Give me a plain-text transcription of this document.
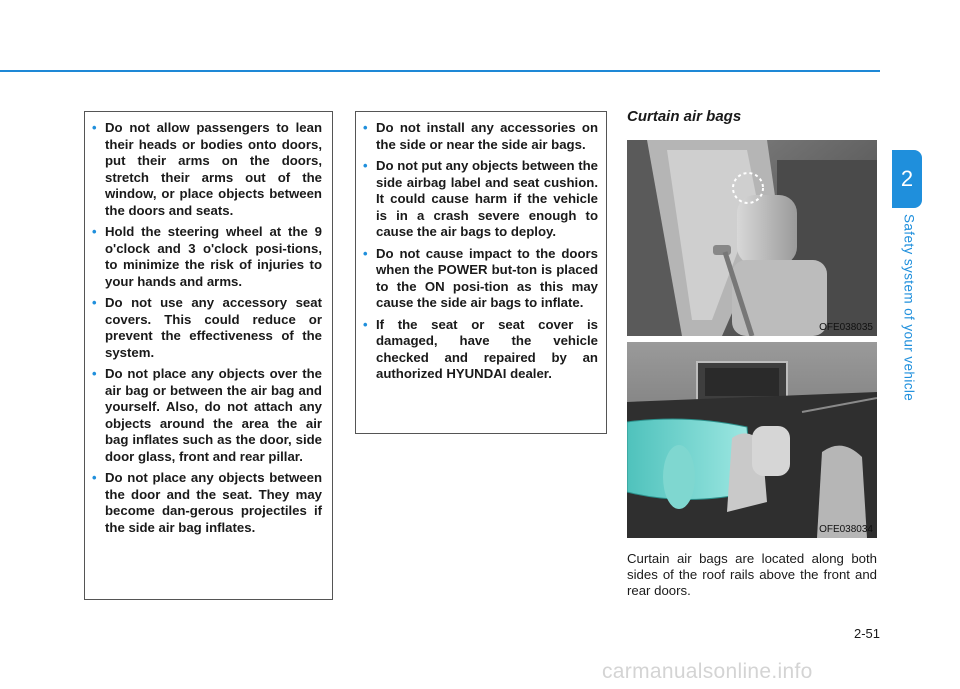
2
Safety system of your vehicle
• Do not allow passengers to lean their heads or bodies onto doors, put their arms on the doors, stretch their arms out of the window, or place objects between the doors and seats.
• Hold the steering wheel at the 9 o'clock and 3 o'clock posi-tions, to minimize the risk of injuries to your hands and arms.
• Do not use any accessory seat covers. This could reduce or prevent the effectiveness of the system.
• Do not place any objects over the air bag or between the air bag and yourself. Also, do not attach any objects around the area the air bag inflates such as the door, side door glass, front and rear pillar.
• Do not place any objects between the door and the seat. They may become dan-gerous projectiles if the side air bag inflates.
• Do not install any accessories on the side or near the side air bags.
• Do not put any objects between the side airbag label and seat cushion. It could cause harm if the vehicle is in a crash severe enough to cause the air bags to deploy.
• Do not cause impact to the doors when the POWER but-ton is placed to the ON posi-tion as this may cause the side air bags to inflate.
• If the seat or seat cover is damaged, have the vehicle checked and repaired by an authorized HYUNDAI dealer.
Curtain air bags
OFE038035
OFE038034

Curtain air bags are located along both sides of the roof rails above the front and rear doors.

2-51
carmanualsonline.info
